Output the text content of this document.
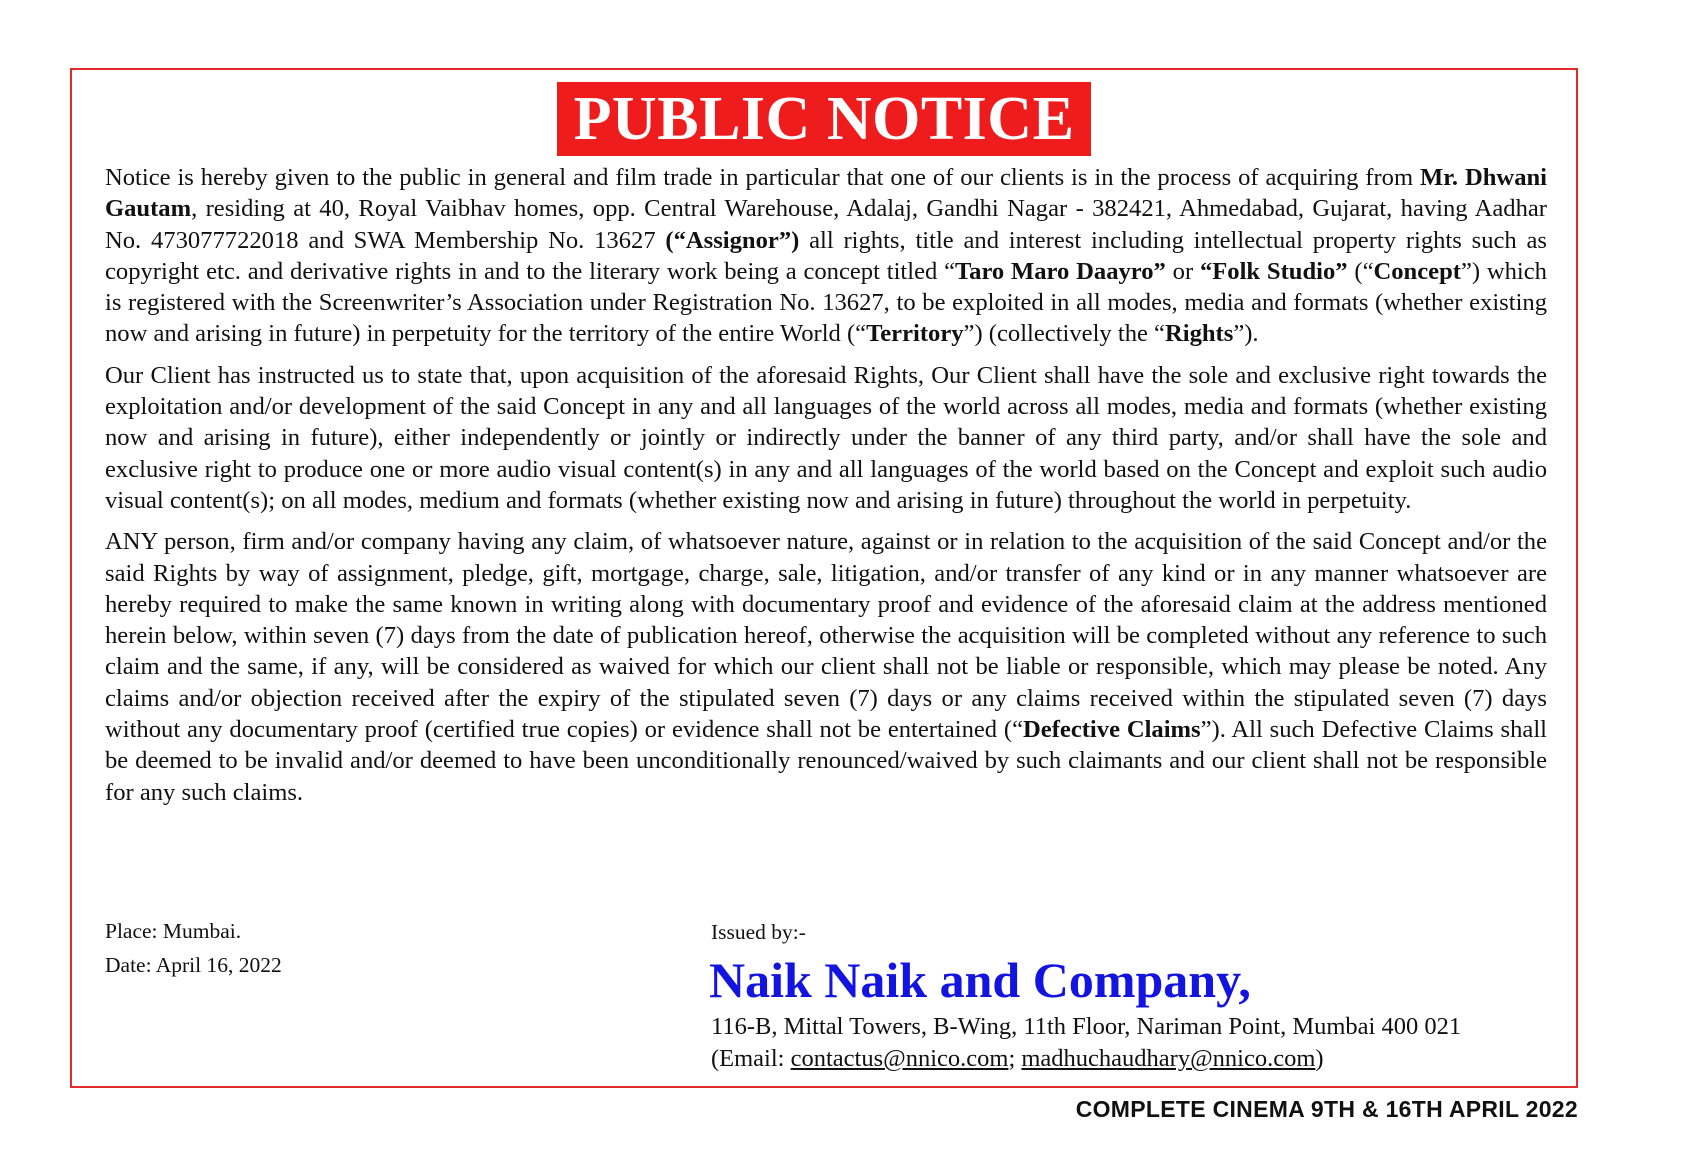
PUBLIC NOTICE

Notice is hereby given to the public in general and film trade in particular that one of our clients is in the process of acquiring from Mr. Dhwani Gautam, residing at 40, Royal Vaibhav homes, opp. Central Warehouse, Adalaj, Gandhi Nagar - 382421, Ahmedabad, Gujarat, having Aadhar No. 473077722018 and SWA Membership No. 13627 (“Assignor”) all rights, title and interest including intellectual property rights such as copyright etc. and derivative rights in and to the literary work being a concept titled “Taro Maro Daayro” or “Folk Studio” (“Concept”) which is registered with the Screenwriter’s Association under Registration No. 13627, to be exploited in all modes, media and formats (whether existing now and arising in future) in perpetuity for the territory of the entire World (“Territory”) (collectively the “Rights”).

Our Client has instructed us to state that, upon acquisition of the aforesaid Rights, Our Client shall have the sole and exclusive right towards the exploitation and/or development of the said Concept in any and all languages of the world across all modes, media and formats (whether existing now and arising in future), either independently or jointly or indirectly under the banner of any third party, and/or shall have the sole and exclusive right to produce one or more audio visual content(s) in any and all languages of the world based on the Concept and exploit such audio visual content(s); on all modes, medium and formats (whether existing now and arising in future) throughout the world in perpetuity.

ANY person, firm and/or company having any claim, of whatsoever nature, against or in relation to the acquisition of the said Concept and/or the said Rights by way of assignment, pledge, gift, mortgage, charge, sale, litigation, and/or transfer of any kind or in any manner whatsoever are hereby required to make the same known in writing along with documentary proof and evidence of the aforesaid claim at the address mentioned herein below, within seven (7) days from the date of publication hereof, otherwise the acquisition will be completed without any reference to such claim and the same, if any, will be considered as waived for which our client shall not be liable or responsible, which may please be noted. Any claims and/or objection received after the expiry of the stipulated seven (7) days or any claims received within the stipulated seven (7) days without any documentary proof (certified true copies) or evidence shall not be entertained (“Defective Claims”). All such Defective Claims shall be deemed to be invalid and/or deemed to have been unconditionally renounced/waived by such claimants and our client shall not be responsible for any such claims.

Place: Mumbai.
Date: April 16, 2022
Issued by:-
Naik Naik and Company,
116-B, Mittal Towers, B-Wing, 11th Floor, Nariman Point, Mumbai 400 021
(Email: contactus@nnico.com; madhuchaudhary@nnico.com)
COMPLETE CINEMA 9TH & 16TH APRIL 2022
